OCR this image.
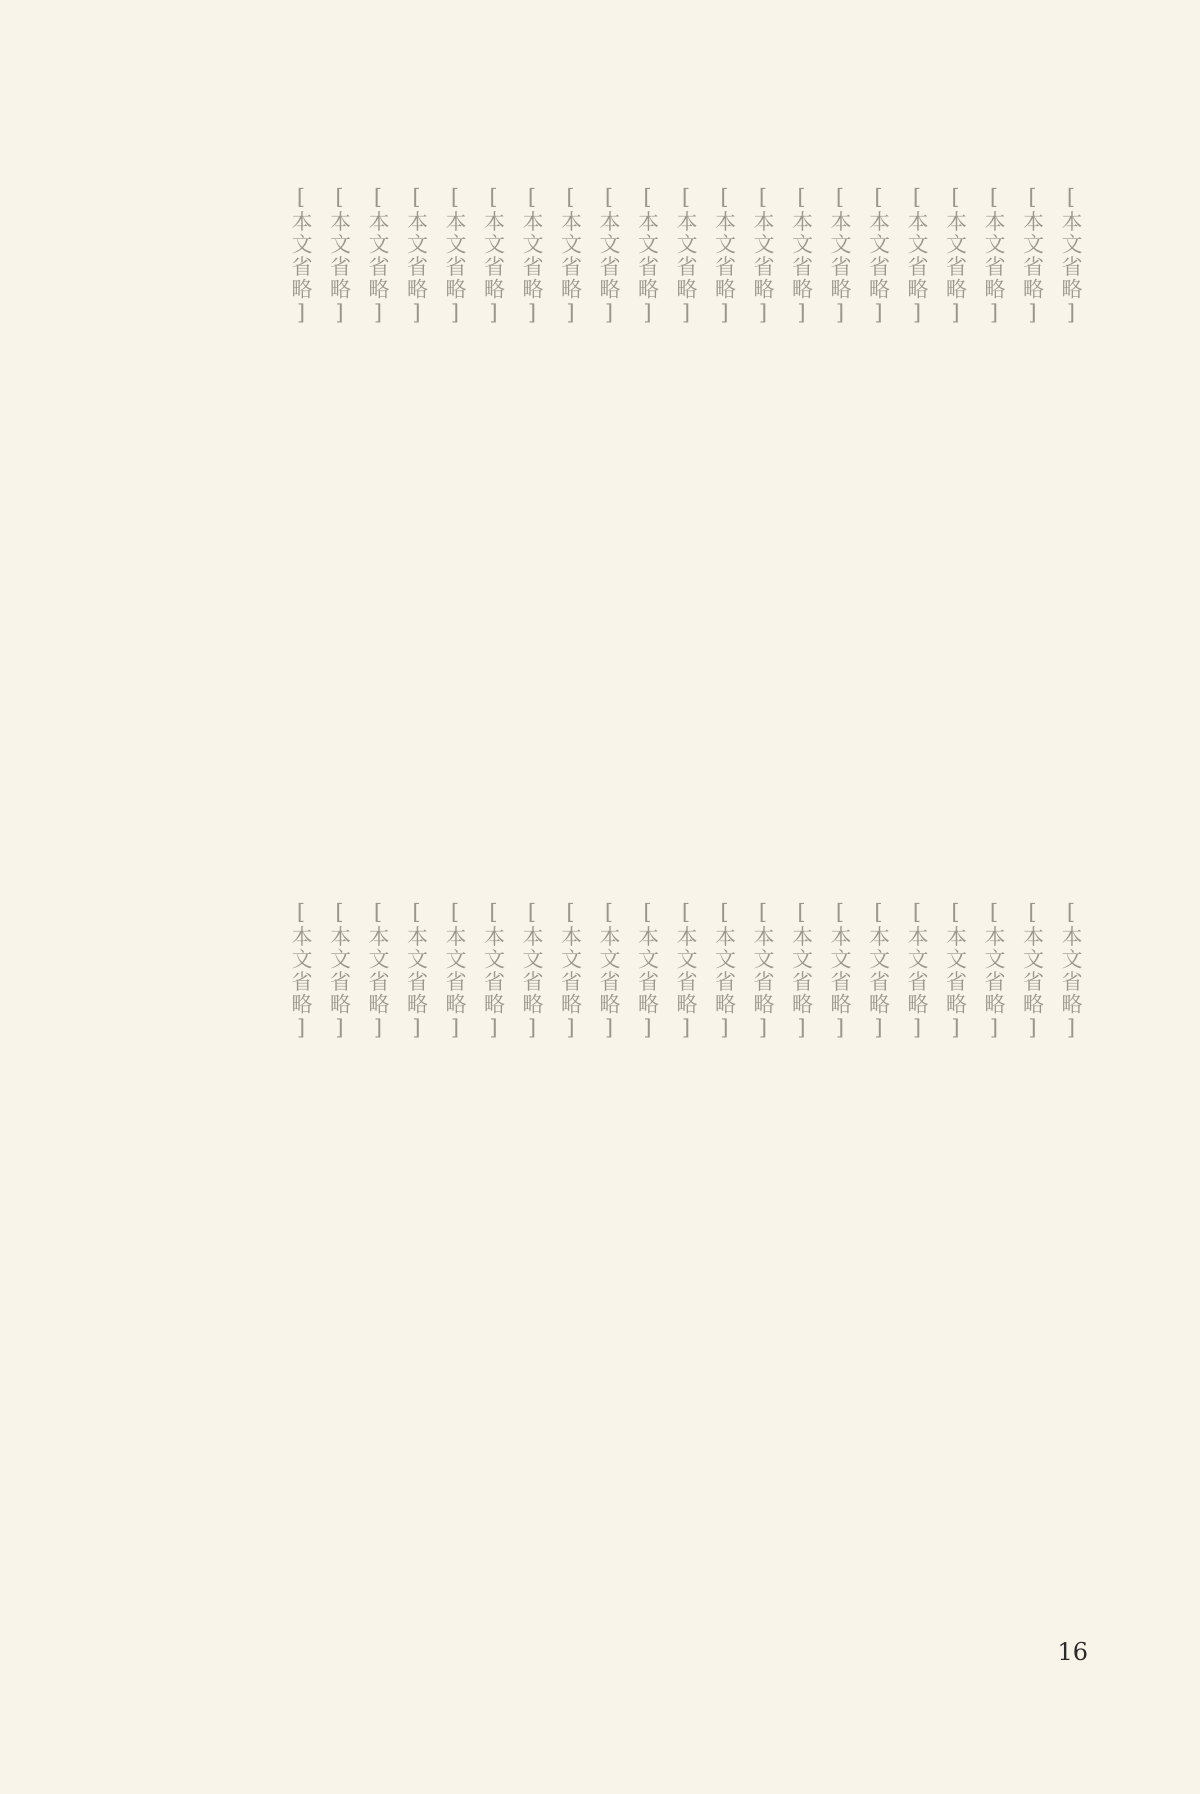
[本文省略]
[本文省略]
[本文省略]
[本文省略]
[本文省略]
[本文省略]
[本文省略]
[本文省略]
[本文省略]
[本文省略]
[本文省略]
[本文省略]
[本文省略]
[本文省略]
[本文省略]
[本文省略]
[本文省略]
[本文省略]
[本文省略]
[本文省略]
[本文省略]
[本文省略]
[本文省略]
[本文省略]
[本文省略]
[本文省略]
[本文省略]
[本文省略]
[本文省略]
[本文省略]
[本文省略]
[本文省略]
[本文省略]
[本文省略]
[本文省略]
[本文省略]
[本文省略]
[本文省略]
[本文省略]
[本文省略]
[本文省略]
[本文省略]
16
